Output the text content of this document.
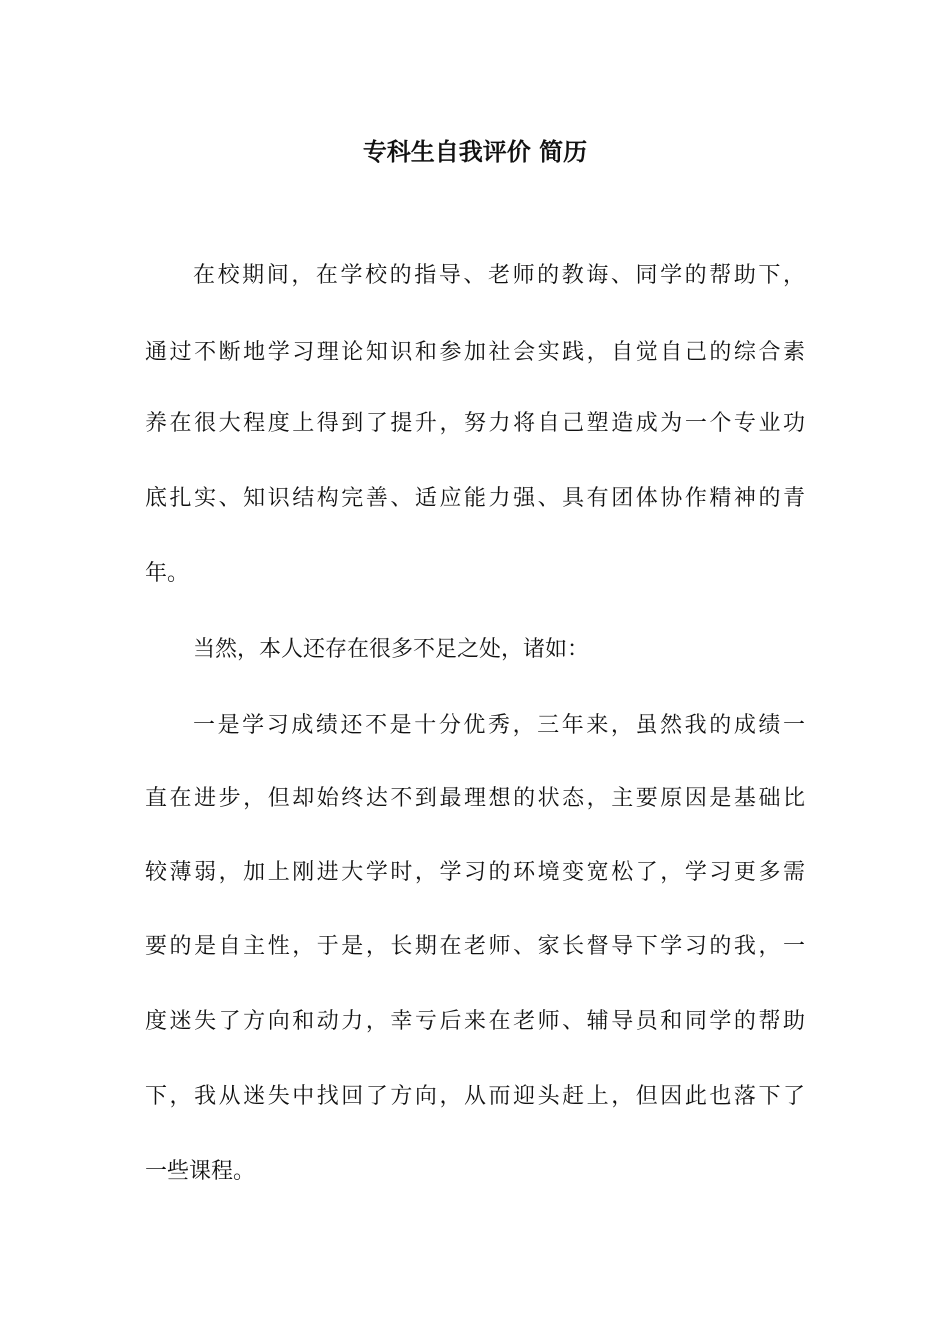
专科生自我评价 简历

在校期间，在学校的指导、老师的教诲、同学的帮助下，

通过不断地学习理论知识和参加社会实践，自觉自己的综合素

养在很大程度上得到了提升，努力将自己塑造成为一个专业功

底扎实、知识结构完善、适应能力强、具有团体协作精神的青

年。

当然，本人还存在很多不足之处，诸如：

一是学习成绩还不是十分优秀，三年来，虽然我的成绩一

直在进步，但却始终达不到最理想的状态，主要原因是基础比

较薄弱，加上刚进大学时，学习的环境变宽松了，学习更多需

要的是自主性，于是，长期在老师、家长督导下学习的我，一

度迷失了方向和动力，幸亏后来在老师、辅导员和同学的帮助

下，我从迷失中找回了方向，从而迎头赶上，但因此也落下了

一些课程。
